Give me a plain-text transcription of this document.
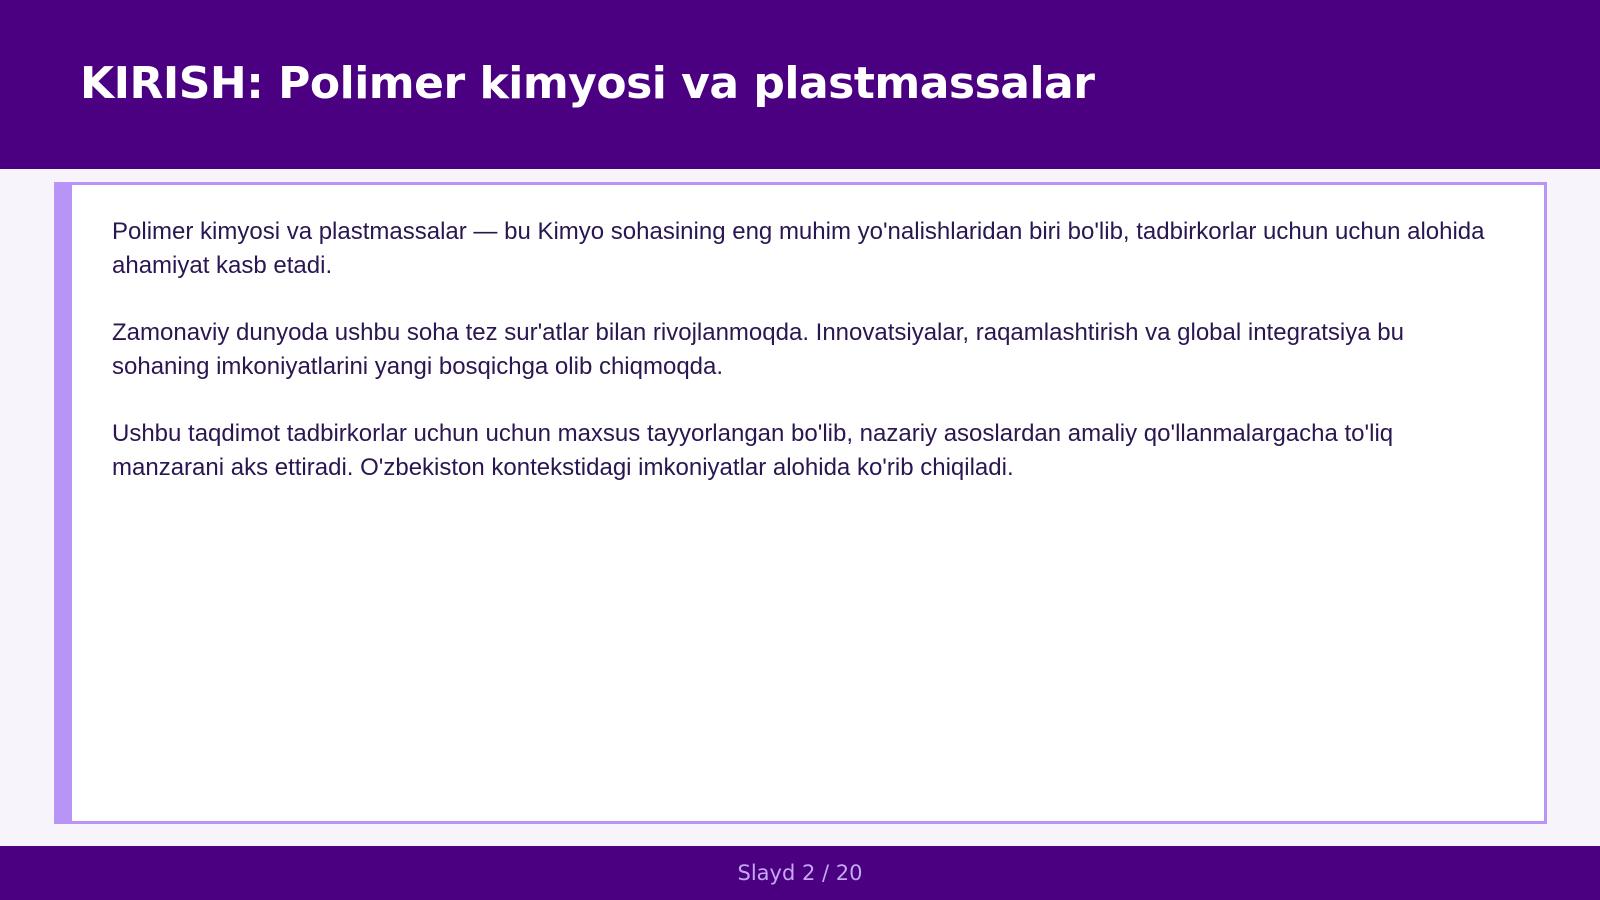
KIRISH: Polimer kimyosi va plastmassalar

Polimer kimyosi va plastmassalar — bu Kimyo sohasining eng muhim yo'nalishlaridan biri bo'lib, tadbirkorlar uchun uchun alohida ahamiyat kasb etadi.

Zamonaviy dunyoda ushbu soha tez sur'atlar bilan rivojlanmoqda. Innovatsiyalar, raqamlashtirish va global integratsiya bu sohaning imkoniyatlarini yangi bosqichga olib chiqmoqda.

Ushbu taqdimot tadbirkorlar uchun uchun maxsus tayyorlangan bo'lib, nazariy asoslardan amaliy qo'llanmalargacha to'liq manzarani aks ettiradi. O'zbekiston kontekstidagi imkoniyatlar alohida ko'rib chiqiladi.

Slayd 2 / 20
